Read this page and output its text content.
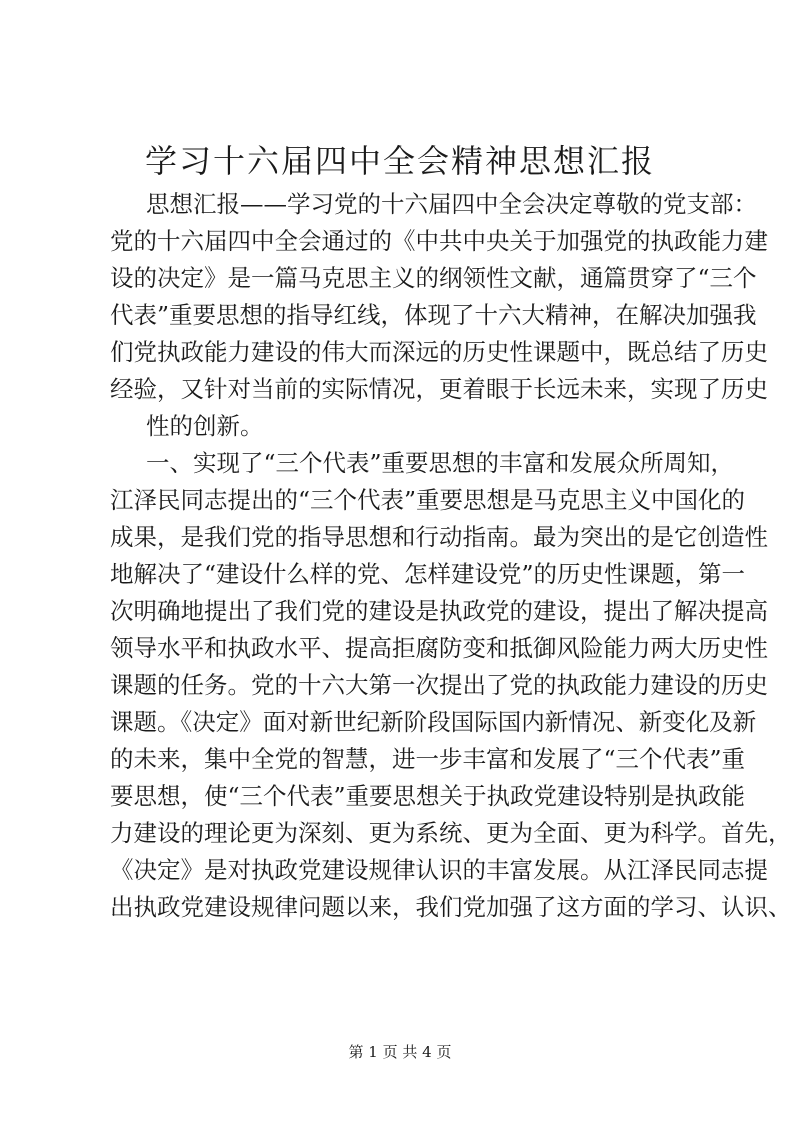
学习十六届四中全会精神思想汇报
思想汇报——学习党的十六届四中全会决定尊敬的党支部：
党的十六届四中全会通过的《中共中央关于加强党的执政能力建
设的决定》是一篇马克思主义的纲领性文献，通篇贯穿了“三个
代表”重要思想的指导红线，体现了十六大精神，在解决加强我
们党执政能力建设的伟大而深远的历史性课题中，既总结了历史
经验，又针对当前的实际情况，更着眼于长远未来，实现了历史
性的创新。
一、实现了“三个代表”重要思想的丰富和发展众所周知，
江泽民同志提出的“三个代表”重要思想是马克思主义中国化的
成果，是我们党的指导思想和行动指南。最为突出的是它创造性
地解决了“建设什么样的党、怎样建设党”的历史性课题，第一
次明确地提出了我们党的建设是执政党的建设，提出了解决提高
领导水平和执政水平、提高拒腐防变和抵御风险能力两大历史性
课题的任务。党的十六大第一次提出了党的执政能力建设的历史
课题。《决定》面对新世纪新阶段国际国内新情况、新变化及新
的未来，集中全党的智慧，进一步丰富和发展了“三个代表”重
要思想，使“三个代表”重要思想关于执政党建设特别是执政能
力建设的理论更为深刻、更为系统、更为全面、更为科学。首先，
《决定》是对执政党建设规律认识的丰富发展。从江泽民同志提
出执政党建设规律问题以来，我们党加强了这方面的学习、认识、
第 1 页 共 4 页
